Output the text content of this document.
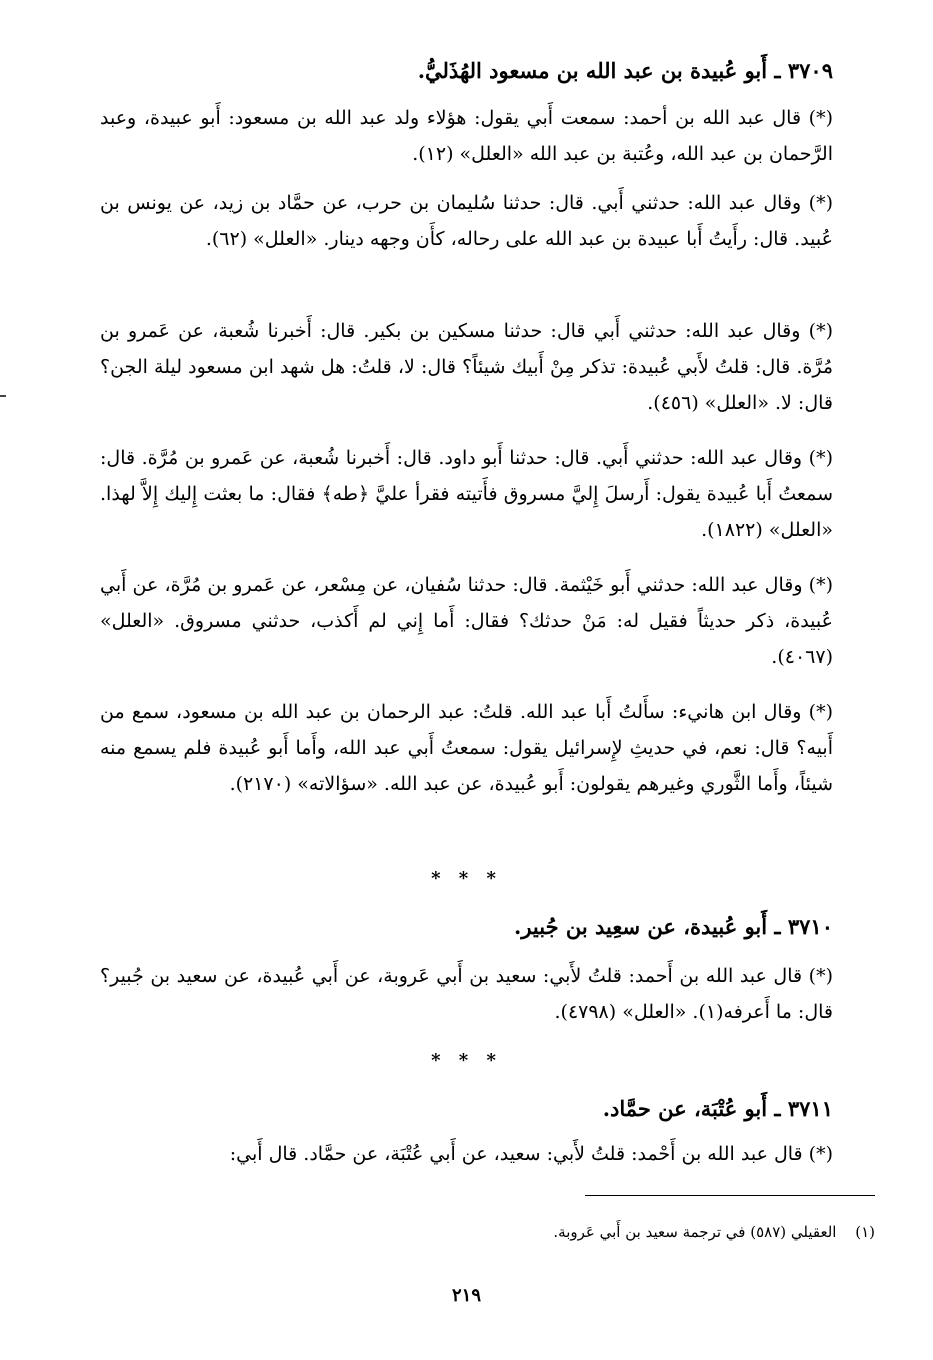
٣٧٠٩ ـ أَبو عُبيدة بن عبد الله بن مسعود الهُذَليُّ.

(*) قال عبد الله بن أحمد: سمعت أَبي يقول: هؤلاء ولد عبد الله بن مسعود: أَبو عبيدة، وعبد الرَّحمان بن عبد الله، وعُتبة بن عبد الله «العلل» (١٢).

(*) وقال عبد الله: حدثني أَبي. قال: حدثنا سُليمان بن حرب، عن حمَّاد بن زيد، عن يونس بن عُبيد. قال: رأَيتُ أَبا عبيدة بن عبد الله على رحاله، كأَن وجهه دينار. «العلل» (٦٢).

(*) وقال عبد الله: حدثني أَبي قال: حدثنا مسكين بن بكير. قال: أَخبرنا شُعبة، عن عَمرو بن مُرَّة. قال: قلتُ لأَبي عُبيدة: تذكر مِنْ أَبيك شيئاً؟ قال: لا، قلتُ: هل شهد ابن مسعود ليلة الجن؟ قال: لا. «العلل» (٤٥٦).

(*) وقال عبد الله: حدثني أَبي. قال: حدثنا أَبو داود. قال: أَخبرنا شُعبة، عن عَمرو بن مُرَّة. قال: سمعتُ أَبا عُبيدة يقول: أَرسلَ إِليَّ مسروق فأَتيته فقرأ عليَّ ﴿طه﴾ فقال: ما بعثت إِليك إِلاَّ لهذا. «العلل» (١٨٢٢).

(*) وقال عبد الله: حدثني أَبو خَيْثمة. قال: حدثنا سُفيان، عن مِسْعر، عن عَمرو بن مُرَّة، عن أَبي عُبيدة، ذكر حديثاً فقيل له: مَنْ حدثك؟ فقال: أَما إِني لم أَكذب، حدثني مسروق. «العلل» (٤٠٦٧).

(*) وقال ابن هانيء: سأَلتُ أَبا عبد الله. قلتُ: عبد الرحمان بن عبد الله بن مسعود، سمع من أَبيه؟ قال: نعم، في حديثِ لإِسرائيل يقول: سمعتُ أَبي عبد الله، وأَما أَبو عُبيدة فلم يسمع منه شيئاً، وأَما الثَّوري وغيرهم يقولون: أَبو عُبيدة، عن عبد الله. «سؤالاته» (٢١٧٠).

* * *
٣٧١٠ ـ أَبو عُبيدة، عن سعِيد بن جُبير.

(*) قال عبد الله بن أَحمد: قلتُ لأَبي: سعيد بن أَبي عَروبة، عن أَبي عُبيدة، عن سعيد بن جُبير؟ قال: ما أَعرفه(١). «العلل» (٤٧٩٨).

* * *
٣٧١١ ـ أَبو عُتْبَة، عن حمَّاد.

(*) قال عبد الله بن أَحْمد: قلتُ لأَبي: سعيد، عن أَبي عُتْبَة، عن حمَّاد. قال أَبي:

(١) العقيلي (٥٨٧) في ترجمة سعيد بن أَبي عَروبة.
٢١٩
